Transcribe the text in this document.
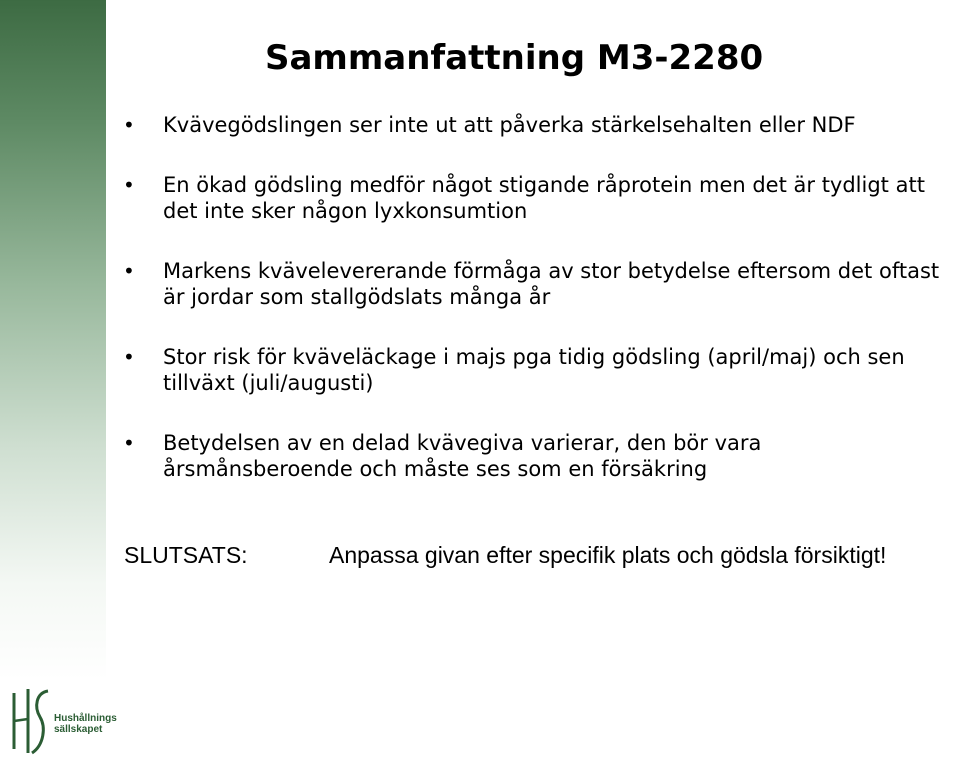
Sammanfattning M3-2280
• Kvävegödslingen ser inte ut att påverka stärkelsehalten eller NDF
• En ökad gödsling medför något stigande råprotein men det är tydligt att det inte sker någon lyxkonsumtion
• Markens kvävelevererande förmåga av stor betydelse eftersom det oftast är jordar som stallgödslats många år
• Stor risk för kväveläckage i majs pga tidig gödsling (april/maj) och sen tillväxt (juli/augusti)
• Betydelsen av en delad kvävegiva varierar, den bör vara årsmånsberoende och måste ses som en försäkring
SLUTSATS:	Anpassa givan efter specifik plats och gödsla försiktigt!
Hushållnings
sällskapet
